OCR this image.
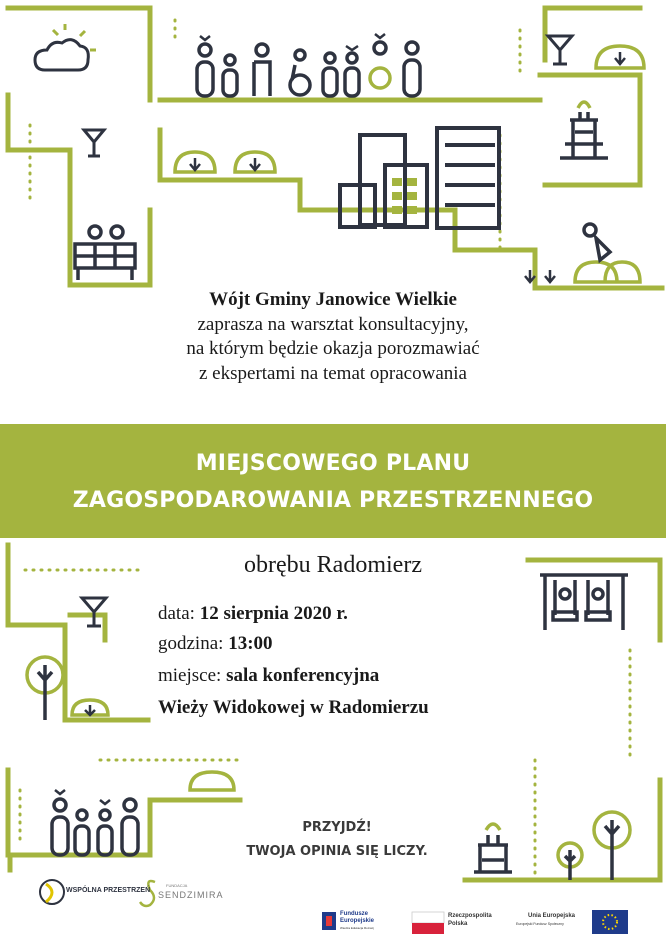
Wójt Gminy Janowice Wielkie
zaprasza na warsztat konsultacyjny,
na którym będzie okazja porozmawiać
z ekspertami na temat opracowania
MIEJSCOWEGO PLANU
ZAGOSPODAROWANIA PRZESTRZENNEGO
obrębu Radomierz
data: 12 sierpnia 2020 r.
godzina: 13:00
miejsce: sala konferencyjna
Wieży Widokowej w Radomierzu
PRZYJDŹ!
TWOJA OPINIA SIĘ LICZY.
WSPÓLNA PRZESTRZEŃ
FUNDACJA
SENDZIMIRA
Fundusze
Europejskie
Wiedza Edukacja Rozwój
Rzeczpospolita
Polska
Unia Europejska
Europejski Fundusz Społeczny
